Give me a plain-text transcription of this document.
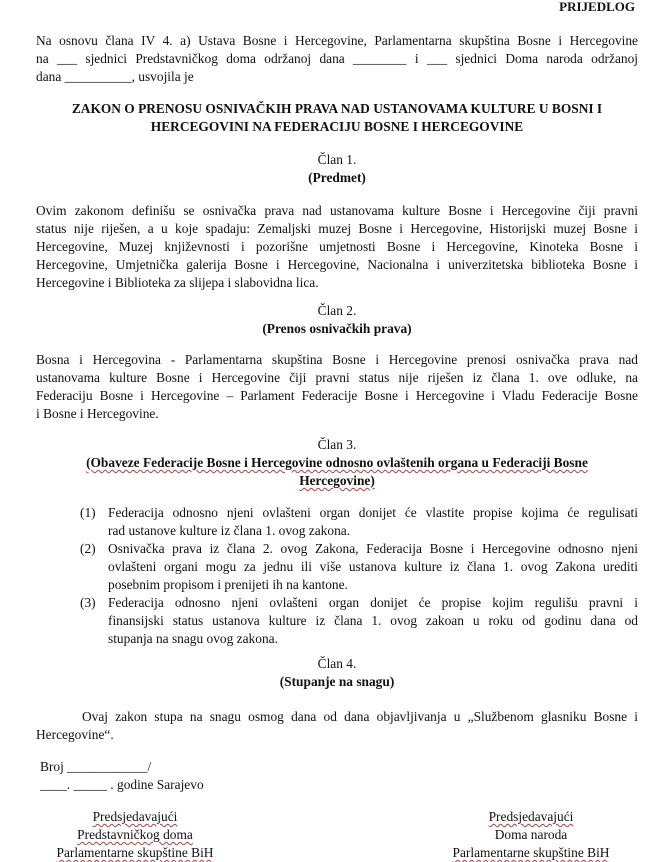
PRIJEDLOG
Na osnovu člana IV 4. a) Ustava Bosne i Hercegovine, Parlamentarna skupština Bosne i Hercegovine
na ___ sjednici Predstavničkog doma održanoj dana ________ i ___ sjednici Doma naroda održanoj
dana __________, usvojila je
ZAKON O PRENOSU OSNIVAČKIH PRAVA NAD USTANOVAMA KULTURE U BOSNI I
HERCEGOVINI NA FEDERACIJU BOSNE I HERCEGOVINE
Član 1.
(Predmet)
Ovim zakonom definišu se osnivačka prava nad ustanovama kulture Bosne i Hercegovine čiji pravni
status nije riješen, a u koje spadaju: Zemaljski muzej Bosne i Hercegovine, Historijski muzej Bosne i
Hercegovine, Muzej književnosti i pozorišne umjetnosti Bosne i Hercegovine, Kinoteka Bosne i
Hercegovine, Umjetnička galerija Bosne i Hercegovine, Nacionalna i univerzitetska biblioteka Bosne i
Hercegovine i Biblioteka za slijepa i slabovidna lica.
Član 2.
(Prenos osnivačkih prava)
Bosna i Hercegovina - Parlamentarna skupština Bosne i Hercegovine prenosi osnivačka prava nad
ustanovama kulture Bosne i Hercegovine čiji pravni status nije riješen iz člana 1. ove odluke, na
Federaciju Bosne i Hercegovine – Parlament Federacije Bosne i Hercegovine i Vladu Federacije Bosne
i Bosne i Hercegovine.
Član 3.
(Obaveze Federacije Bosne i Hercegovine odnosno ovlaštenih organa u Federaciji Bosne
Hercegovine)
(1) Federacija odnosno njeni ovlašteni organ donijet će vlastite propise kojima će regulisati
rad ustanove kulture iz člana 1. ovog zakona.
(2) Osnivačka prava iz člana 2. ovog Zakona, Federacija Bosne i Hercegovine odnosno njeni
ovlašteni organi mogu za jednu ili više ustanova kulture iz člana 1. ovog Zakona urediti
posebnim propisom i prenijeti ih na kantone.
(3) Federacija odnosno njeni ovlašteni organ donijet će propise kojim regulišu pravni i
finansijski status ustanova kulture iz člana 1. ovog zakoan u roku od godinu dana od
stupanja na snagu ovog zakona.
Član 4.
(Stupanje na snagu)
Ovaj zakon stupa na snagu osmog dana od dana objavljivanja u „Službenom glasniku Bosne i
Hercegovine“.
Broj ____________/
____. _____ . godine Sarajevo
Predsjedavajući
Predstavničkog doma
Parlamentarne skupštine BiH
Predsjedavajući
Doma naroda
Parlamentarne skupštine BiH
